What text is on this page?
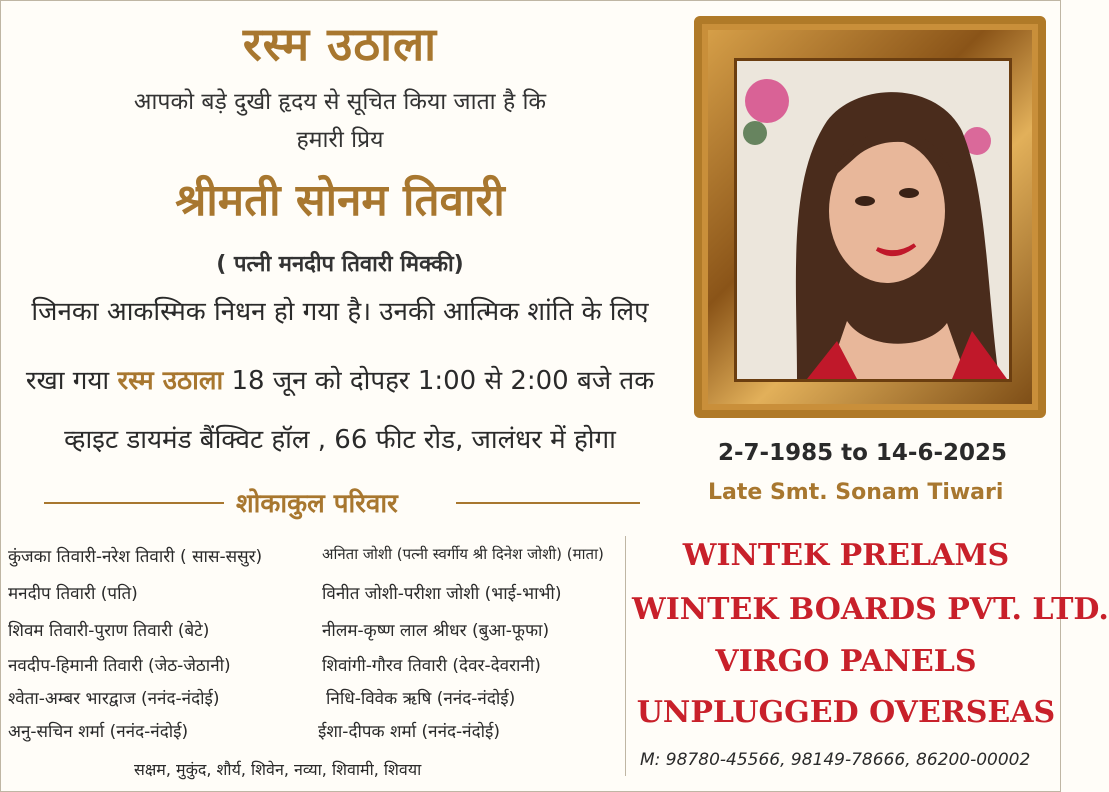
रस्म उठाला
आपको बड़े दुखी हृदय से सूचित किया जाता है कि
हमारी प्रिय
श्रीमती सोनम तिवारी
( पत्नी मनदीप तिवारी मिक्की)
जिनका आकस्मिक निधन हो गया है। उनकी आत्मिक शांति के लिए
रखा गया रस्म उठाला 18 जून को दोपहर 1:00 से 2:00 बजे तक
व्हाइट डायमंड बैंक्विट हॉल , 66 फीट रोड, जालंधर में होगा
शोकाकुल परिवार
कुंजका तिवारी-नरेश तिवारी ( सास-ससुर)
मनदीप तिवारी (पति)
शिवम तिवारी-पुराण तिवारी (बेटे)
नवदीप-हिमानी तिवारी (जेठ-जेठानी)
श्वेता-अम्बर भारद्वाज (ननंद-नंदोई)
अनु-सचिन शर्मा (ननंद-नंदोई)
अनिता जोशी (पत्नी स्वर्गीय श्री दिनेश जोशी) (माता)
विनीत जोशी-परीशा जोशी (भाई-भाभी)
नीलम-कृष्ण लाल श्रीधर (बुआ-फूफा)
शिवांगी-गौरव तिवारी (देवर-देवरानी)
निधि-विवेक ऋषि (ननंद-नंदोई)
ईशा-दीपक शर्मा (ननंद-नंदोई)
सक्षम, मुकुंद, शौर्य, शिवेन, नव्या, शिवामी, शिवया
2-7-1985 to 14-6-2025
Late Smt. Sonam Tiwari
WINTEK PRELAMS
WINTEK BOARDS PVT. LTD.
VIRGO PANELS
UNPLUGGED OVERSEAS
M: 98780-45566, 98149-78666, 86200-00002
